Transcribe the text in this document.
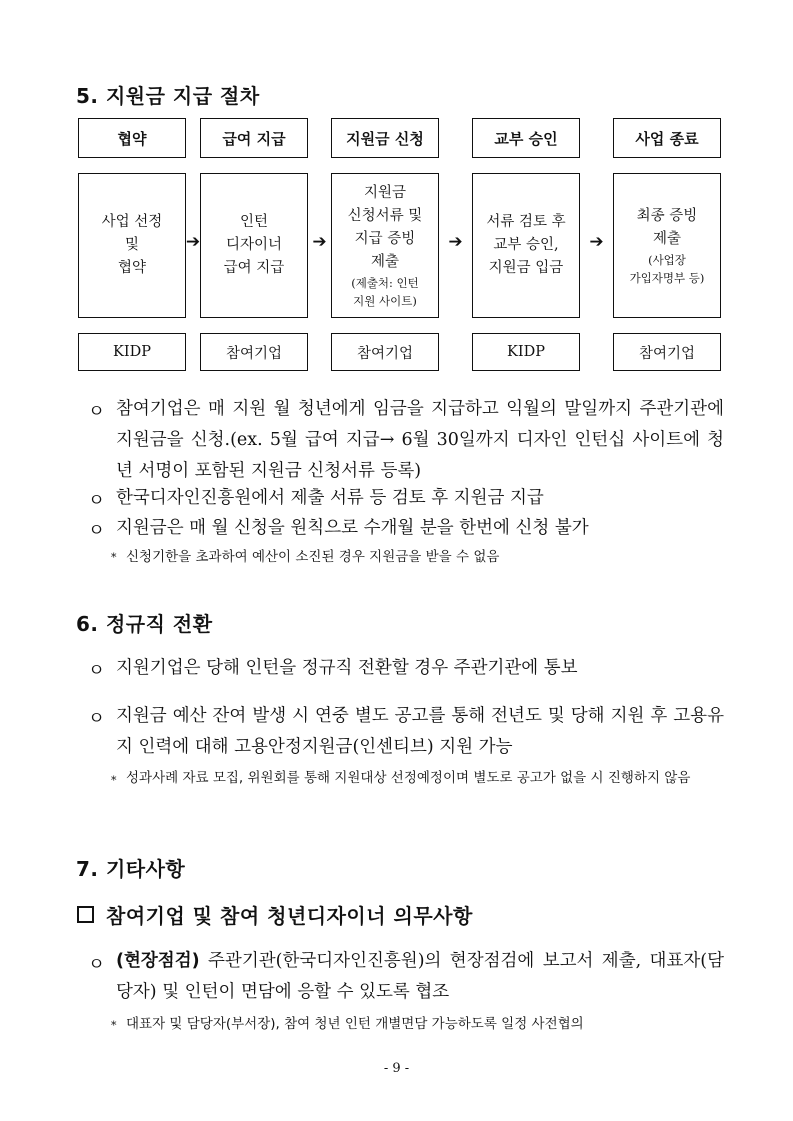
5. 지원금 지급 절차
협약
사업 선정
및
협약
KIDP
➔
급여 지급
인턴
디자이너
급여 지급
참여기업
➔
지원금 신청
지원금
신청서류 및
지급 증빙
제출
(제출처: 인턴
지원 사이트)
참여기업
➔
교부 승인
서류 검토 후
교부 승인,
지원금 입금
KIDP
➔
사업 종료
최종 증빙
제출
(사업장
가입자명부 등)
참여기업
ㅇ 참여기업은 매 지원 월 청년에게 임금을 지급하고 익월의 말일까지 주관기관에 지원금을 신청.(ex. 5월 급여 지급→ 6월 30일까지 디자인 인턴십 사이트에 청년 서명이 포함된 지원금 신청서류 등록)
ㅇ 한국디자인진흥원에서 제출 서류 등 검토 후 지원금 지급
ㅇ 지원금은 매 월 신청을 원칙으로 수개월 분을 한번에 신청 불가
* 신청기한을 초과하여 예산이 소진된 경우 지원금을 받을 수 없음
6. 정규직 전환
ㅇ 지원기업은 당해 인턴을 정규직 전환할 경우 주관기관에 통보
ㅇ 지원금 예산 잔여 발생 시 연중 별도 공고를 통해 전년도 및 당해 지원 후 고용유지 인력에 대해 고용안정지원금(인센티브) 지원 가능
* 성과사례 자료 모집, 위원회를 통해 지원대상 선정예정이며 별도로 공고가 없을 시 진행하지 않음
7. 기타사항
참여기업 및 참여 청년디자이너 의무사항
ㅇ (현장점검) 주관기관(한국디자인진흥원)의 현장점검에 보고서 제출, 대표자(담당자) 및 인턴이 면담에 응할 수 있도록 협조
* 대표자 및 담당자(부서장), 참여 청년 인턴 개별면담 가능하도록 일정 사전협의
- 9 -
